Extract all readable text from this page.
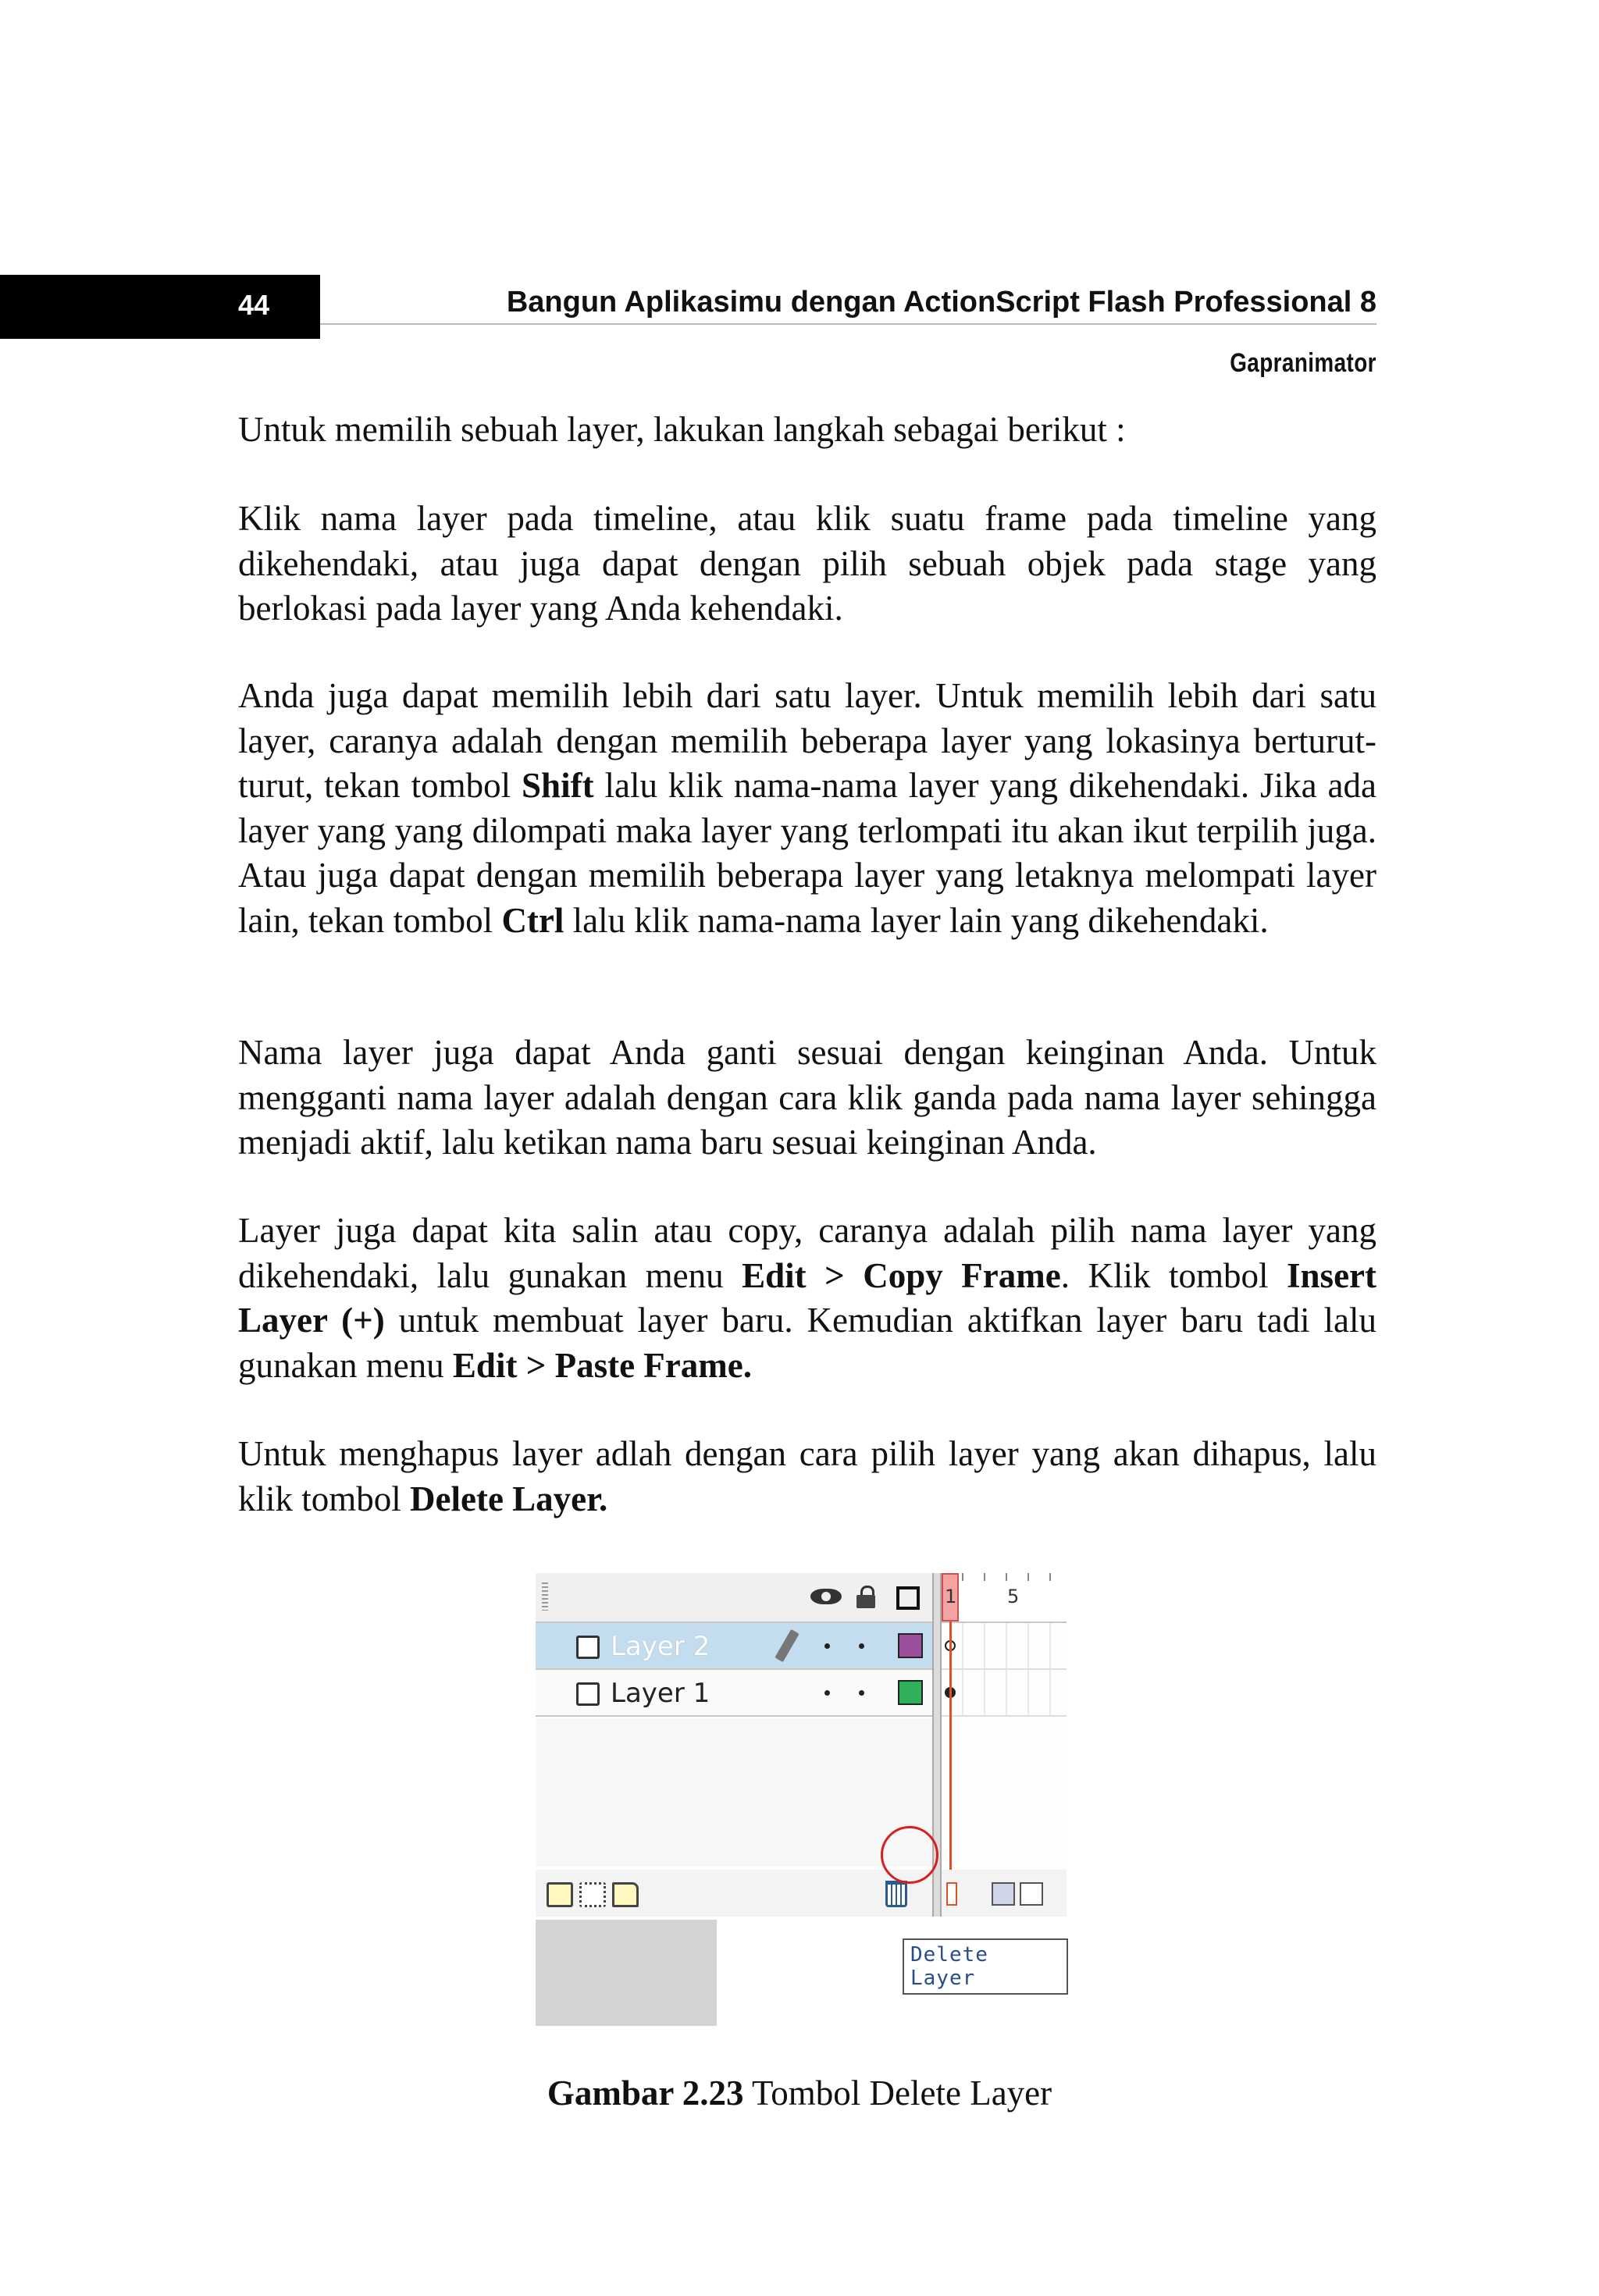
44	Bangun Aplikasimu dengan ActionScript Flash Professional 8
Gapranimator

Untuk memilih sebuah layer, lakukan langkah sebagai berikut :

Klik nama layer pada timeline, atau klik suatu frame pada timeline yang dikehendaki, atau juga dapat dengan pilih sebuah objek pada stage yang berlokasi pada layer yang Anda kehendaki.

Anda juga dapat memilih lebih dari satu layer. Untuk memilih lebih dari satu layer, caranya adalah dengan memilih beberapa layer yang lokasinya berturut-turut, tekan tombol Shift lalu klik nama-nama layer yang dikehendaki. Jika ada layer yang yang dilompati maka layer yang terlompati itu akan ikut terpilih juga. Atau juga dapat dengan memilih beberapa layer yang letaknya melompati layer lain, tekan tombol Ctrl lalu klik nama-nama layer lain yang dikehendaki.

Nama layer juga dapat Anda ganti sesuai dengan keinginan Anda. Untuk mengganti nama layer adalah dengan cara klik ganda pada nama layer sehingga menjadi aktif, lalu ketikan nama baru sesuai keinginan Anda.

Layer juga dapat kita salin atau copy, caranya adalah pilih nama layer yang dikehendaki, lalu gunakan menu Edit > Copy Frame. Klik tombol Insert Layer (+) untuk membuat layer baru. Kemudian aktifkan layer baru tadi lalu gunakan menu Edit > Paste Frame.

Untuk menghapus layer adlah dengan cara pilih layer yang akan dihapus, lalu klik tombol Delete Layer.

Layer 2
Layer 1
1	5
Delete Layer
Gambar 2.23 Tombol Delete Layer
